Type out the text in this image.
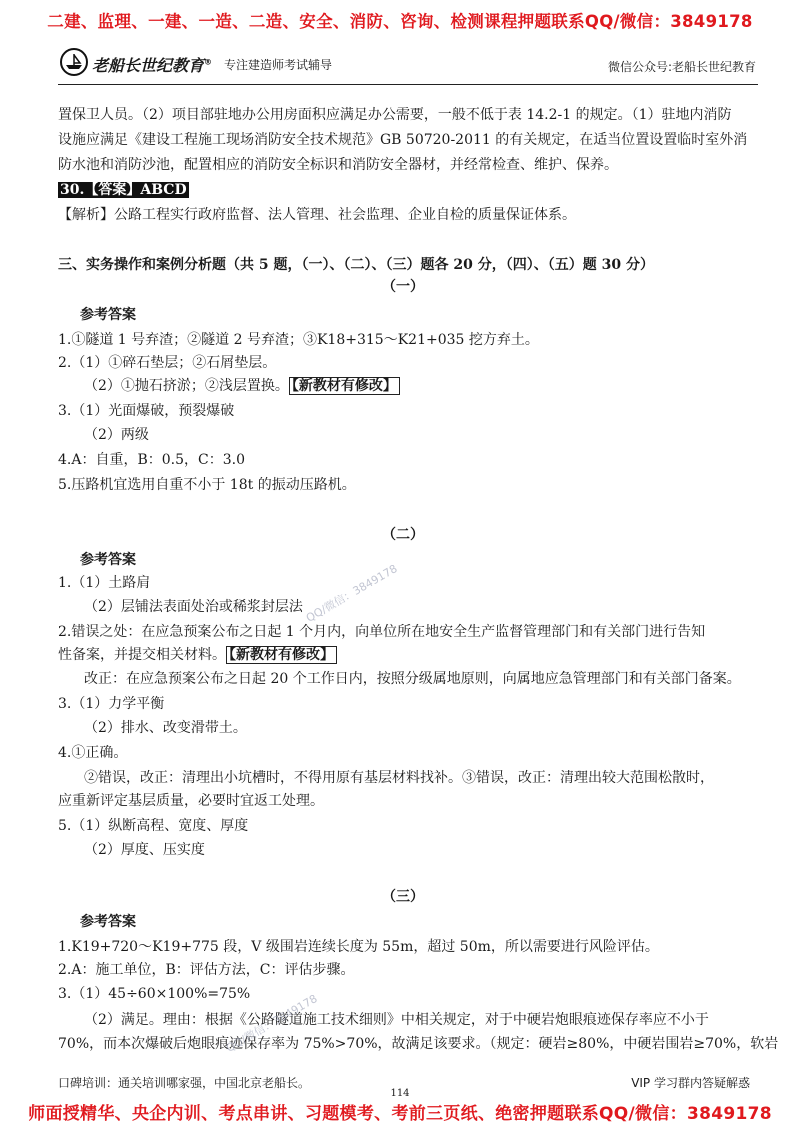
二建、监理、一建、一造、二造、安全、消防、咨询、检测课程押题联系QQ/微信：3849178
老船长世纪教育® 专注建造师考试辅导	微信公众号:老船长世纪教育
置保卫人员。（2）项目部驻地办公用房面积应满足办公需要，一般不低于表 14.2-1 的规定。（1）驻地内消防
设施应满足《建设工程施工现场消防安全技术规范》GB 50720-2011 的有关规定，在适当位置设置临时室外消
防水池和消防沙池，配置相应的消防安全标识和消防安全器材，并经常检查、维护、保养。
30.【答案】ABCD
【解析】公路工程实行政府监督、法人管理、社会监理、企业自检的质量保证体系。
三、实务操作和案例分析题（共 5 题，（一）、（二）、（三）题各 20 分，（四）、（五）题 30 分）
（一）
参考答案
1.①隧道 1 号弃渣；②隧道 2 号弃渣；③K18+315～K21+035 挖方弃土。
2.（1）①碎石垫层；②石屑垫层。
（2）①抛石挤淤；②浅层置换。 【新教材有修改】
3.（1）光面爆破，预裂爆破
（2）两级
4.A：自重，B：0.5，C：3.0
5.压路机宜选用自重不小于 18t 的振动压路机。
（二）
参考答案
1.（1）土路肩
（2）层铺法表面处治或稀浆封层法
2.错误之处：在应急预案公布之日起 1 个月内，向单位所在地安全生产监督管理部门和有关部门进行告知
性备案，并提交相关材料。 【新教材有修改】
改正：在应急预案公布之日起 20 个工作日内，按照分级属地原则，向属地应急管理部门和有关部门备案。
3.（1）力学平衡
（2）排水、改变滑带土。
4.①正确。
②错误，改正：清理出小坑槽时，不得用原有基层材料找补。③错误，改正：清理出较大范围松散时，
应重新评定基层质量，必要时宜返工处理。
5.（1）纵断高程、宽度、厚度
（2）厚度、压实度
（三）
参考答案
1.K19+720～K19+775 段，V 级围岩连续长度为 55m，超过 50m，所以需要进行风险评估。
2.A：施工单位，B：评估方法，C：评估步骤。
3.（1）45÷60×100%=75%
（2）满足。理由：根据《公路隧道施工技术细则》中相关规定，对于中硬岩炮眼痕迹保存率应不小于
70%，而本次爆破后炮眼痕迹保存率为 75%>70%，故满足该要求。（规定：硬岩≥80%，中硬岩围岩≥70%，软岩
QQ/微信：3849178
QQ/微信：3849178
口碑培训：通关培训哪家强，中国北京老船长。	VIP 学习群内答疑解惑
114
师面授精华、央企内训、考点串讲、习题模考、考前三页纸、绝密押题联系QQ/微信：3849178
